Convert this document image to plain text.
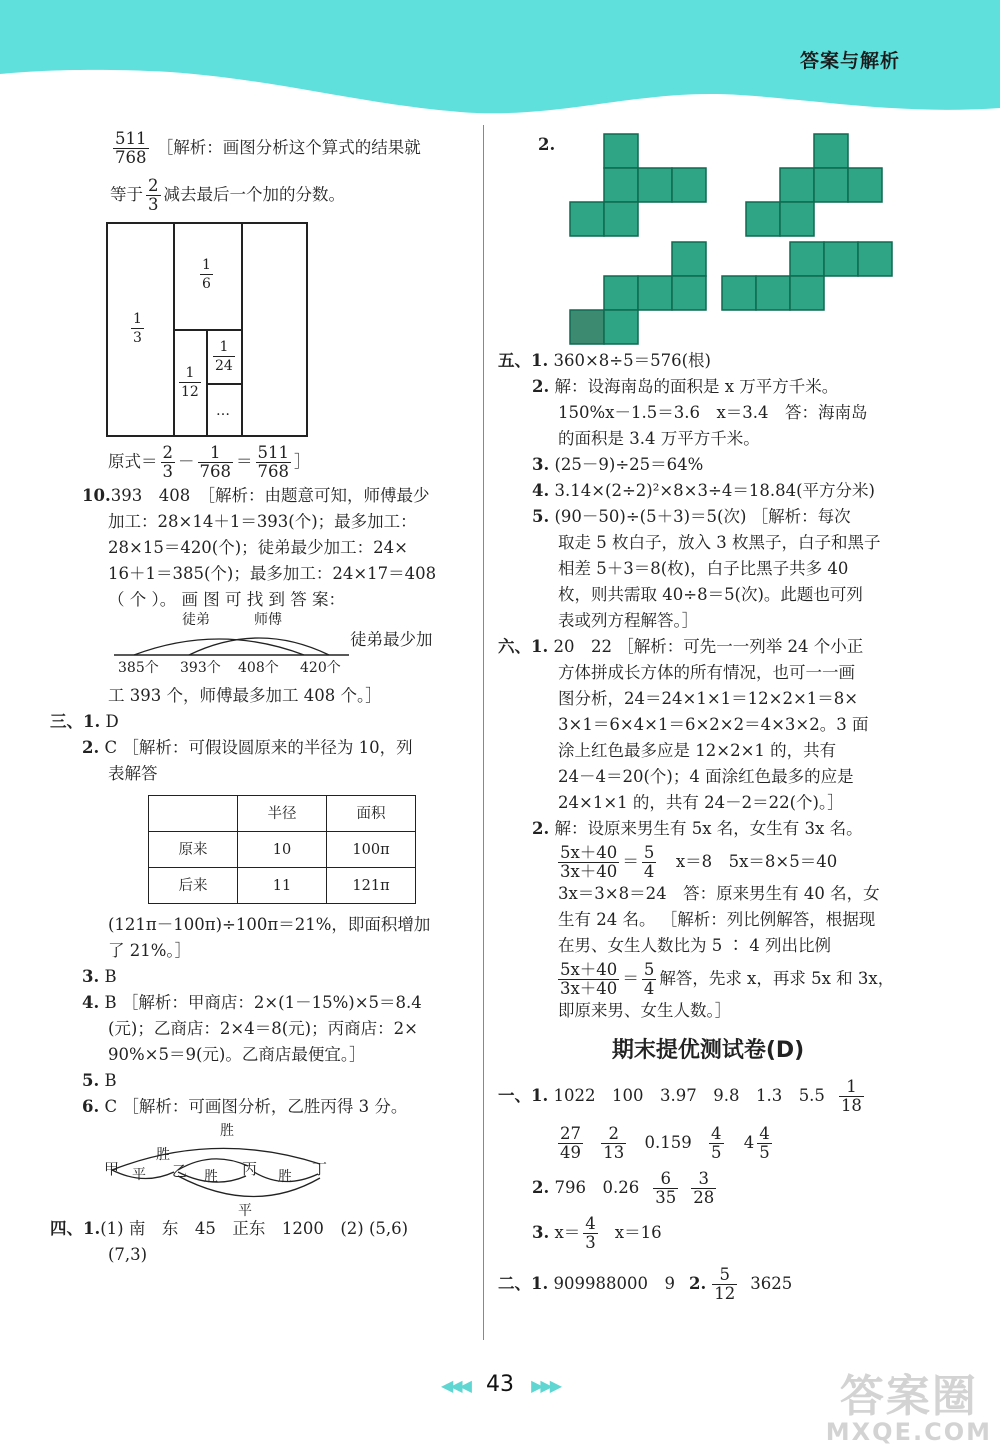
答案与解析
$\frac{511}{768}$ ［解析：画图分析这个算式的结果就
等于 $\frac{2}{3}$ 减去最后一个加的分数。
$\frac{1}{3}$
$\frac{1}{6}$
$\frac{1}{12}$
$\frac{1}{24}$
…
原式＝ $\frac{2}{3} - \frac{1}{768} = \frac{511}{768}$ ］
10.393　408　［解析：由题意可知，师傅最少
加工：28×14＋1＝393(个)；最多加工：
28×15＝420(个)；徒弟最少加工：24×
16＋1＝385(个)；最多加工：24×17＝408
（ 个 ）。 画 图 可 找 到 答 案：
徒弟	师傅
385个 393个 408个 420个
徒弟最少加
工 393 个，师傅最多加工 408 个。］
三、1. D
2. C ［解析：可假设圆原来的半径为 10，列
表解答
	半径	面积
原来	10	100π
后来	11	121π
(121π－100π)÷100π＝21%，即面积增加
了 21%。］
3. B
4. B ［解析：甲商店：2×(1－15%)×5＝8.4
(元)；乙商店：2×4＝8(元)；丙商店：2×
90%×5＝9(元)。乙商店最便宜。］
5. B
6. C ［解析：可画图分析，乙胜丙得 3 分。
胜
甲 平
胜
乙 胜 丙 胜 丁
平
四、1.(1) 南　东　45　正东　1200　(2) (5,6)
(7,3)
2.
五、1. 360×8÷5＝576(根)
2. 解：设海南岛的面积是 x 万平方千米。
150%x－1.5＝3.6　x＝3.4　答：海南岛
的面积是 3.4 万平方千米。
3. (25－9)÷25＝64%
4. 3.14×(2÷2)²×8×3÷4＝18.84(平方分米)
5. (90－50)÷(5＋3)＝5(次) ［解析：每次
取走 5 枚白子，放入 3 枚黑子，白子和黑子
相差 5＋3＝8(枚)，白子比黑子共多 40
枚，则共需取 40÷8＝5(次)。此题也可列
表或列方程解答。］
六、1. 20　22 ［解析：可先一一列举 24 个小正
方体拼成长方体的所有情况，也可一一画
图分析，24＝24×1×1＝12×2×1＝8×
3×1＝6×4×1＝6×2×2＝4×3×2。3 面
涂上红色最多应是 12×2×1 的，共有
24－4＝20(个)；4 面涂红色最多的应是
24×1×1 的，共有 24－2＝22(个)。］
2. 解：设原来男生有 5x 名，女生有 3x 名。
$\frac{5x+40}{3x+40} = \frac{5}{4}$ 　x＝8　5x＝8×5＝40
3x＝3×8＝24　答：原来男生有 40 名，女
生有 24 名。 ［解析：列比例解答，根据现
在男、女生人数比为 5 ∶ 4 列出比例
$\frac{5x+40}{3x+40} = \frac{5}{4}$ 解答，先求 x，再求 5x 和 3x，
即原来男、女生人数。］
期末提优测试卷(D)
一、1. 1022　100　3.97　9.8　1.3　$5.5 \frac{1}{18}$
$\frac{27}{49}$
$\frac{2}{13} 0.159 \frac{4}{5} 4 \frac{4}{5}$
2. 796　$0.26 \frac{6}{35} \frac{3}{28}$
3. $x= \frac{4}{3} x=16$
二、1. 909988000　9 2. $\frac{5}{12} 3625$
◀◀◀ 43 ▶▶▶	答案圈
MXQE.COM
